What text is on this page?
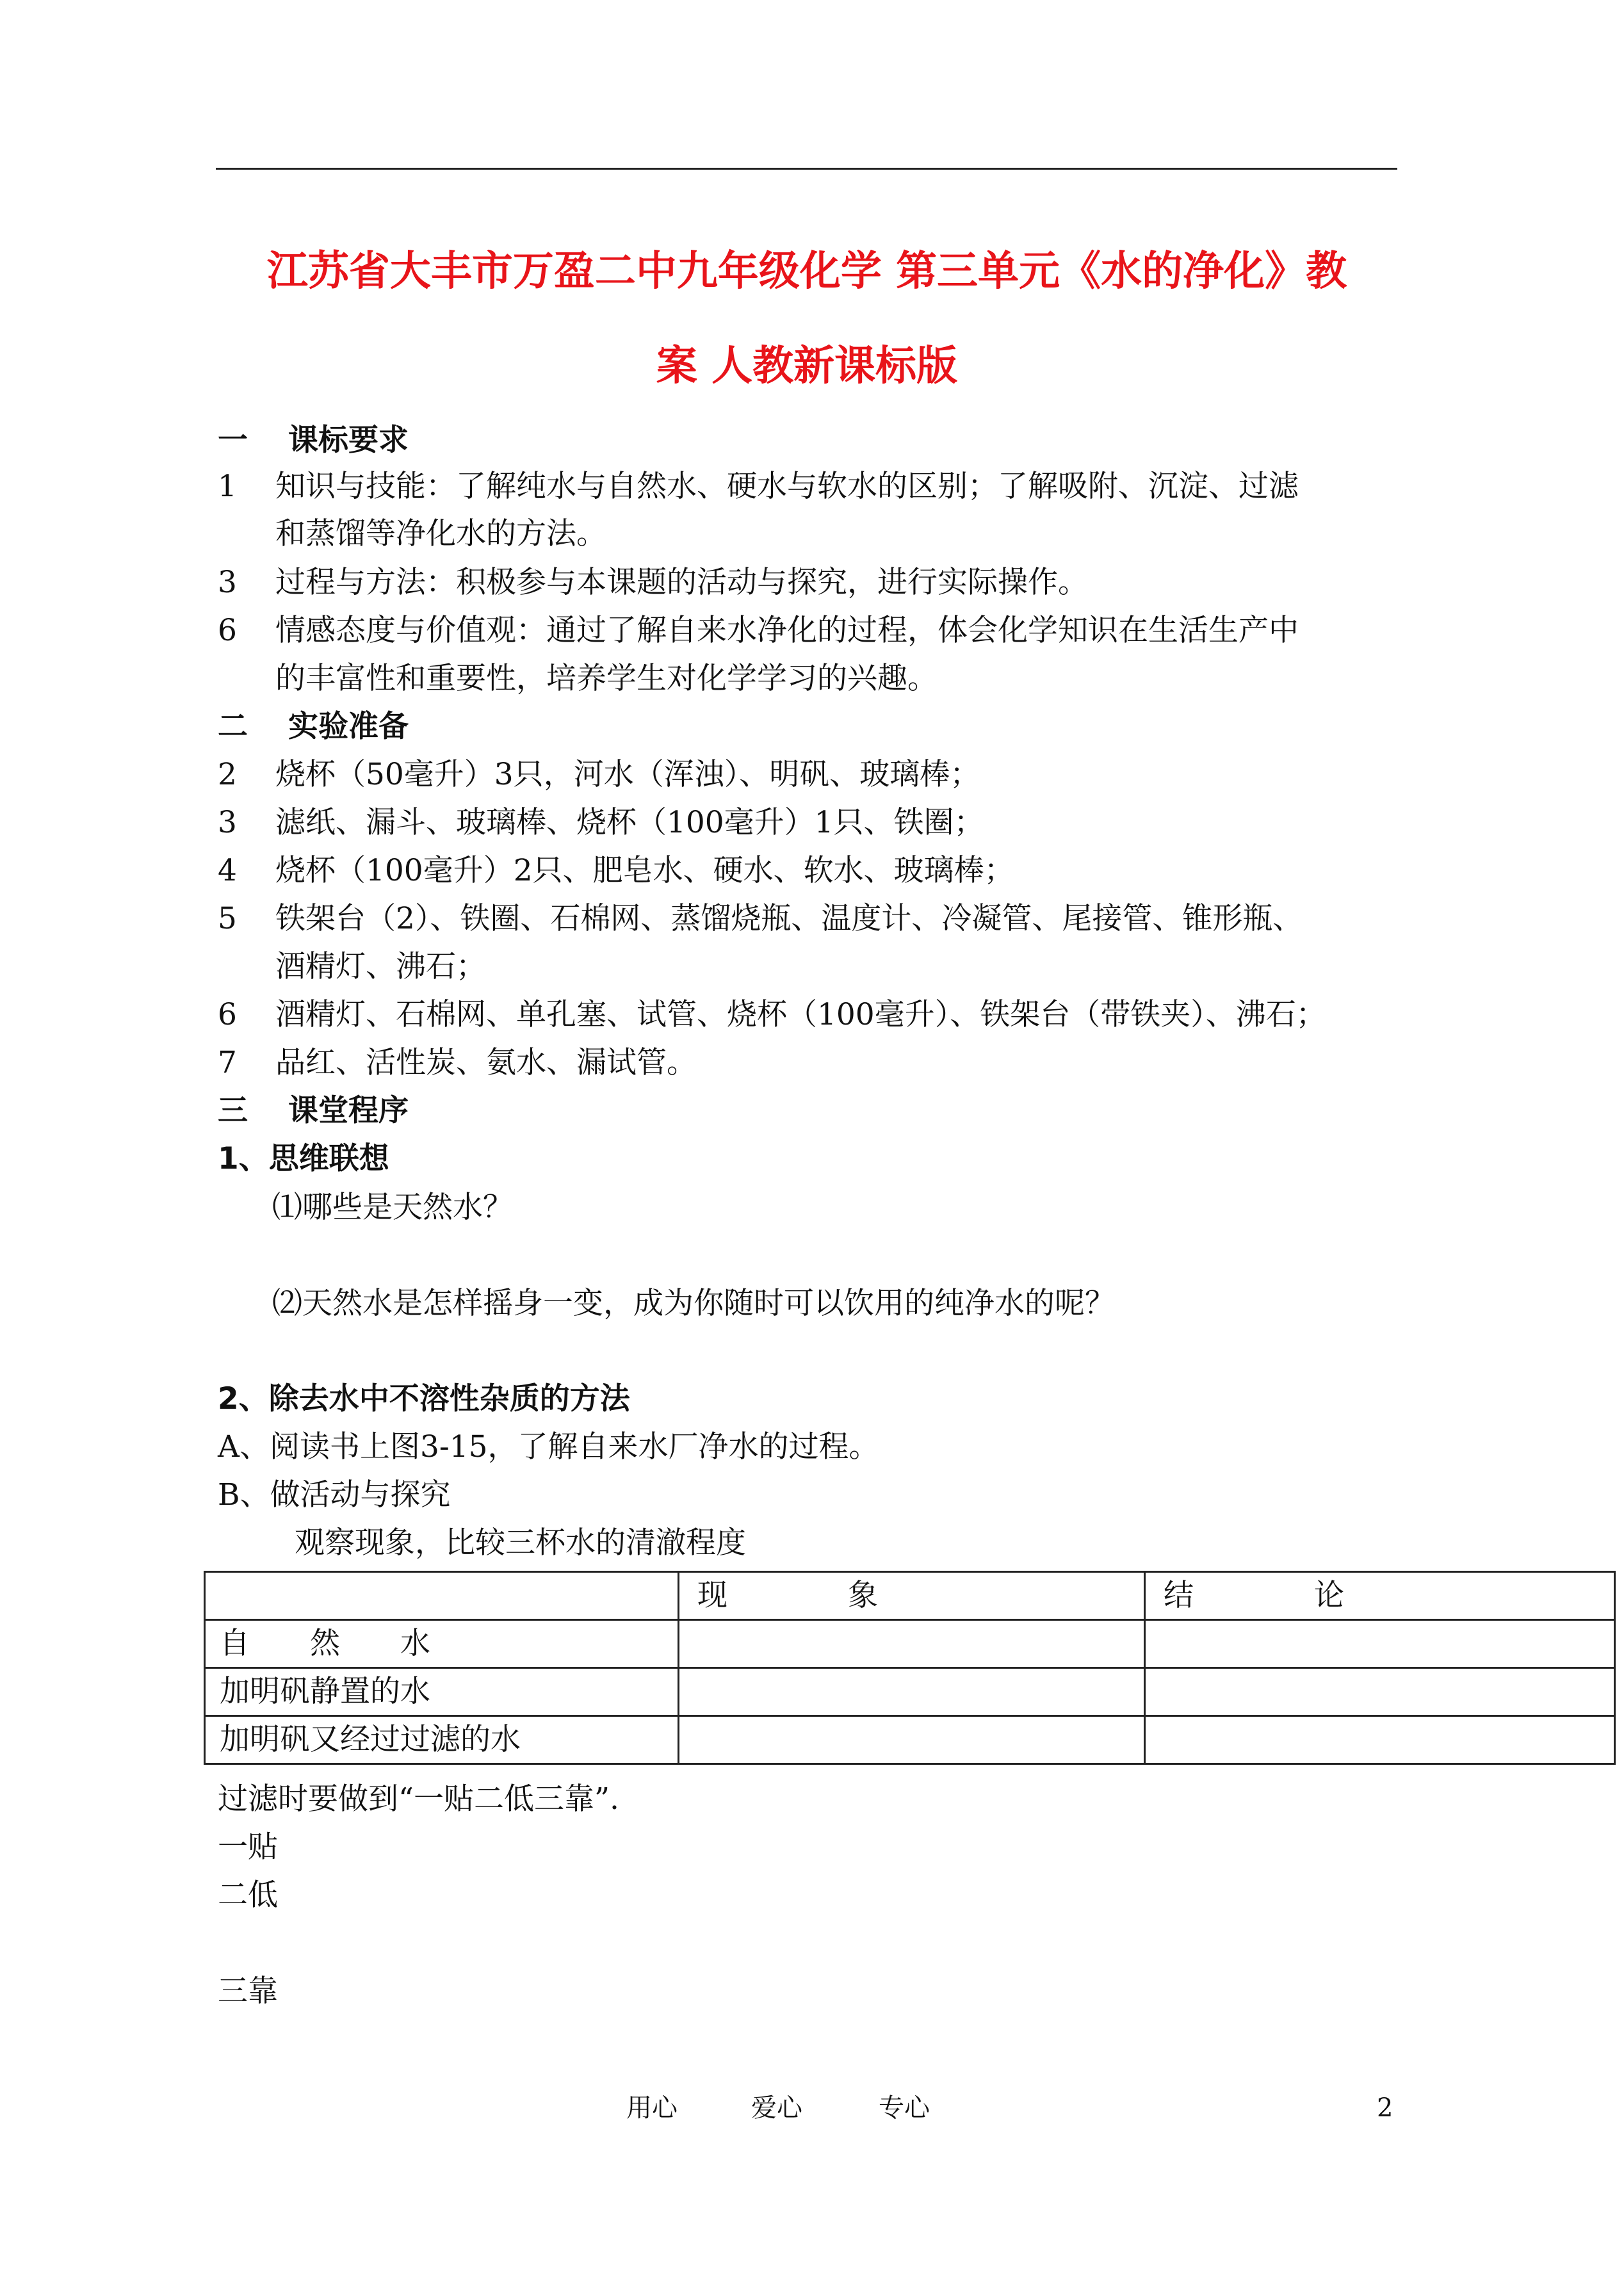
江苏省大丰市万盈二中九年级化学 第三单元《水的净化》教
案 人教新课标版
一 课标要求
1 知识与技能：了解纯水与自然水、硬水与软水的区别；了解吸附、沉淀、过滤
和蒸馏等净化水的方法。
3 过程与方法：积极参与本课题的活动与探究，进行实际操作。
6 情感态度与价值观：通过了解自来水净化的过程，体会化学知识在生活生产中
的丰富性和重要性，培养学生对化学学习的兴趣。
二 实验准备
2 烧杯（50毫升）3只，河水（浑浊）、明矾、玻璃棒；
3 滤纸、漏斗、玻璃棒、烧杯（100毫升）1只、铁圈；
4 烧杯（100毫升）2只、肥皂水、硬水、软水、玻璃棒；
5 铁架台（2）、铁圈、石棉网、蒸馏烧瓶、温度计、冷凝管、尾接管、锥形瓶、
酒精灯、沸石；
6 酒精灯、石棉网、单孔塞、试管、烧杯（100毫升）、铁架台（带铁夹）、沸石；
7 品红、活性炭、氨水、漏试管。
三 课堂程序
1、思维联想
⑴哪些是天然水？
⑵天然水是怎样摇身一变，成为你随时可以饮用的纯净水的呢？
2、除去水中不溶性杂质的方法
A、阅读书上图3-15，了解自来水厂净水的过程。
B、做活动与探究
观察现象，比较三杯水的清澈程度
	现　　　　象	结　　　　论
自　　然　　水		
加明矾静置的水		
加明矾又经过过滤的水		
过滤时要做到“一贴二低三靠”.
一贴
二低
三靠
用心	爱心	专心	2
